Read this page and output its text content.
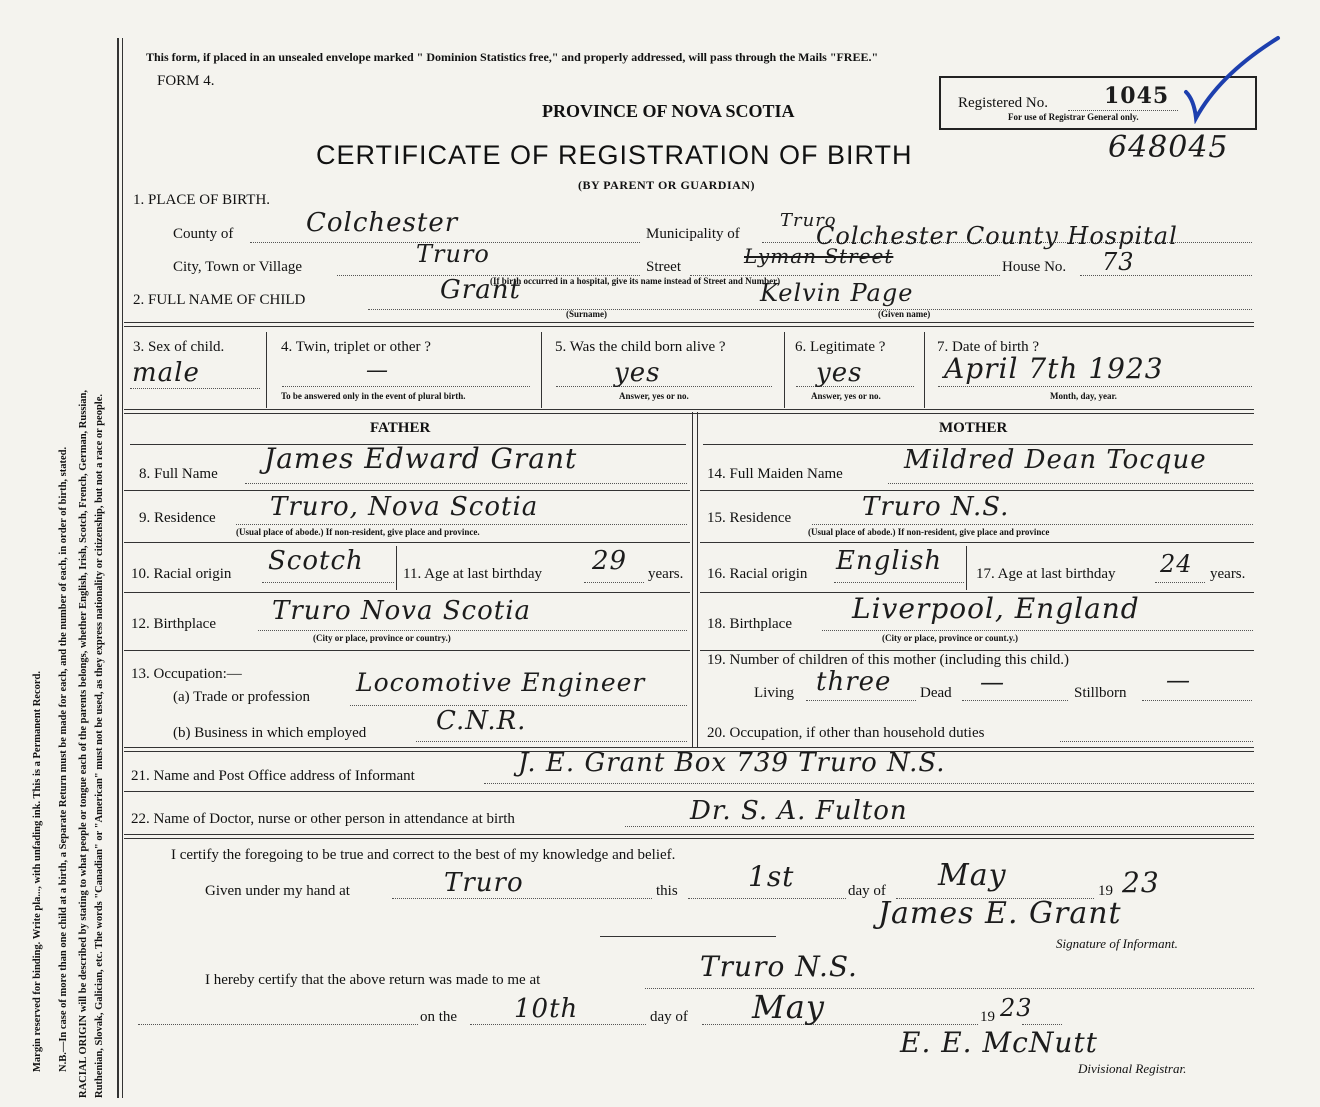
Margin reserved for binding. Write pla..., with unfading ink. This is a Permanent Record. N.B.—In case of more than one child at a birth, a Separate Return must be made for each, and the number of each, in order of birth, stated. RACIAL ORIGIN will be described by stating to what people or tongue each of the parents belongs, whether English, Irish, Scotch, French, German, Russian, Ruthenian, Slovak, Galician, etc. The words "Canadian" or "American" must not be used, as they express nationality or citizenship, but not a race or people.
This form, if placed in an unsealed envelope marked " Dominion Statistics free," and properly addressed, will pass through the Mails "FREE."
FORM 4.
PROVINCE OF NOVA SCOTIA
CERTIFICATE OF REGISTRATION OF BIRTH
(BY PARENT OR GUARDIAN)
Registered No.	1045
For use of Registrar General only.
648045
1. PLACE OF BIRTH.
County of	Colchester	Municipality of
Truro
Colchester County Hospital
City, Town or Village	Truro	Street	Lyman Street	House No. 73
(If birth occurred in a hospital, give its name instead of Street and Number)
2. FULL NAME OF CHILD	Grant	Kelvin Page
(Surname)	(Given name)
3. Sex of child.
male
4. Twin, triplet or other ?
—
To be answered only in the event of plural birth.
5. Was the child born alive ?
yes
Answer, yes or no.
6. Legitimate ?
yes
Answer, yes or no.
7. Date of birth ?
April 7th 1923
Month, day, year.
FATHER	MOTHER
8. Full Name James Edward Grant	14. Full Maiden Name Mildred Dean Tocque
9. Residence Truro, Nova Scotia
(Usual place of abode.) If non-resident, give place and province.
15. Residence	Truro N.S.
(Usual place of abode.) If non-resident, give place and province
10. Racial origin Scotch	11. Age at last birthday 29 years. 16. Racial origin English 17. Age at last birthday 24 years.
12. Birthplace Truro Nova Scotia
(City or place, province or country.)
18. Birthplace Liverpool, England
(City or place, province or count.y.)
13. Occupation:—
(a) Trade or profession Locomotive Engineer
(b) Business in which employed	C.N.R.
19. Number of children of this mother (including this child.)
Living three Dead —	Stillborn —
20. Occupation, if other than household duties
21. Name and Post Office address of Informant	J. E. Grant Box 739 Truro N.S.
22. Name of Doctor, nurse or other person in attendance at birth	Dr. S. A. Fulton
I certify the foregoing to be true and correct to the best of my knowledge and belief.
Given under my hand at	Truro	this	1st	day of May	19 23
James E. Grant
Signature of Informant.
I hereby certify that the above return was made to me at	Truro N.S.
on the 10th	day of May	19 23
E. E. McNutt
Divisional Registrar.
